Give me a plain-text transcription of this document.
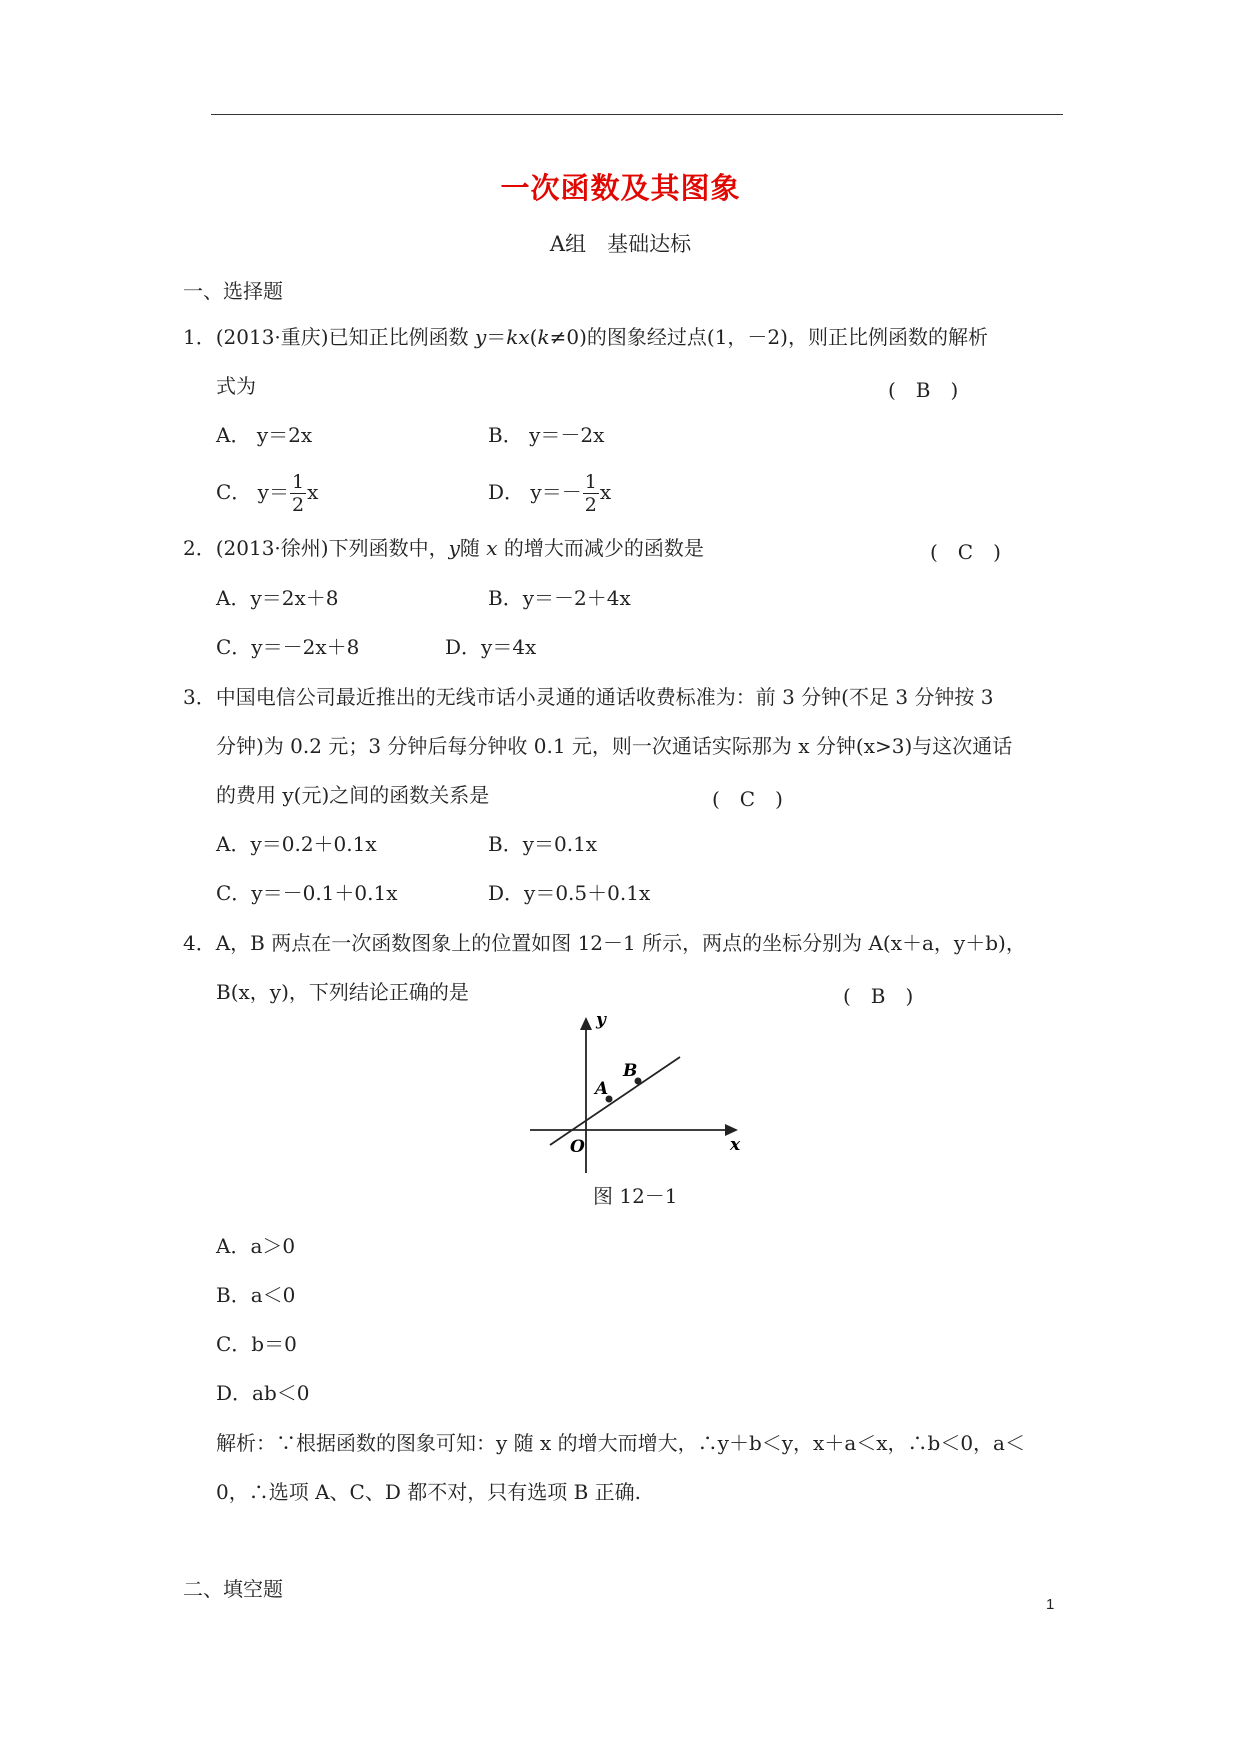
一次函数及其图象
A组　基础达标
一、选择题
1．(2013·重庆)已知正比例函数 y＝kx(k≠0)的图象经过点(1，－2)，则正比例函数的解析
式为	(　B　)
A． y＝2x	B． y＝－2x
C． $y= \frac{1}{2}$ x	D． $y=- \frac{1}{2}$ x
2．(2013·徐州)下列函数中，y随 x 的增大而减少的函数是	(　C　)
A．y＝2x＋8	B．y＝－2＋4x
C．y＝－2x＋8	D．y＝4x
3．中国电信公司最近推出的无线市话小灵通的通话收费标准为：前 3 分钟(不足 3 分钟按 3
分钟)为 0.2 元；3 分钟后每分钟收 0.1 元，则一次通话实际那为 x 分钟(x>3)与这次通话
的费用 y(元)之间的函数关系是	(　C　)
A．y＝0.2＋0.1x	B．y＝0.1x
C．y＝－0.1＋0.1x	D．y＝0.5＋0.1x
4．A，B 两点在一次函数图象上的位置如图 12－1 所示，两点的坐标分别为 A(x＋a，y＋b)，
B(x，y)，下列结论正确的是	(　B　)
y
x
O
A
B
图 12－1
A．a＞0
B．a＜0
C．b＝0
D．ab＜0
解析：∵根据函数的图象可知：y 随 x 的增大而增大，∴y＋b＜y，x＋a＜x，∴b＜0，a＜
0，∴选项 A、C、D 都不对，只有选项 B 正确.
二、填空题
1
